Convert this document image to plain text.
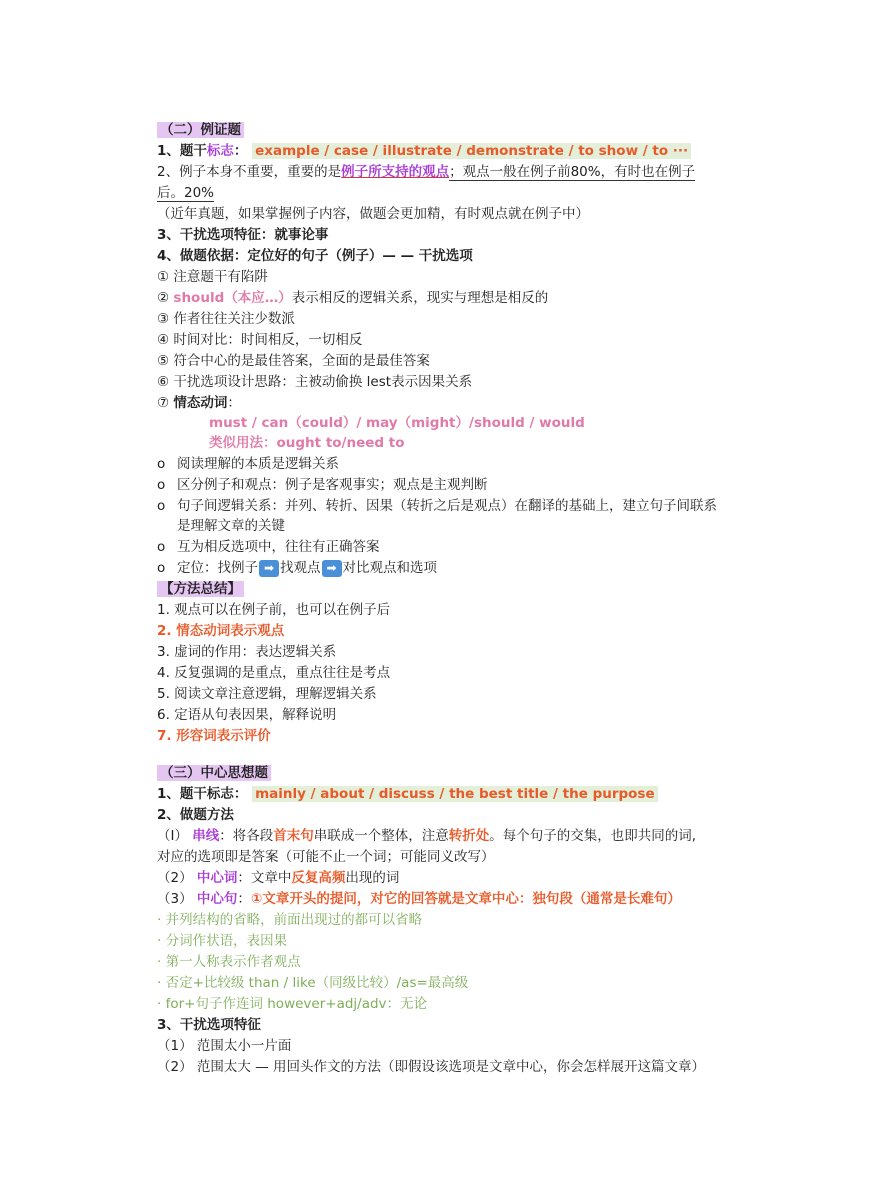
（二）例证题
1、题干标志： example / case / illustrate / demonstrate / to show / to ···
2、例子本身不重要，重要的是例子所支持的观点；观点一般在例子前80%，有时也在例子
后。20%
（近年真题，如果掌握例子内容，做题会更加精，有时观点就在例子中）
3、干扰选项特征：就事论事
4、做题依据：定位好的句子（例子）— — 干扰选项
① 注意题干有陷阱
② should（本应…）表示相反的逻辑关系，现实与理想是相反的
③ 作者往往关注少数派
④ 时间对比：时间相反，一切相反
⑤ 符合中心的是最佳答案，全面的是最佳答案
⑥ 干扰选项设计思路：主被动偷换 lest表示因果关系
⑦ 情态动词：
must / can（could）/ may（might）/should / would
类似用法：ought to/need to
o 阅读理解的本质是逻辑关系
o 区分例子和观点：例子是客观事实；观点是主观判断
o 句子间逻辑关系：并列、转折、因果（转折之后是观点）在翻译的基础上，建立句子间联系
是理解文章的关键
o 互为相反选项中，往往有正确答案
o 定位：找例子 ➡ 找观点 ➡ 对比观点和选项
【方法总结】
1. 观点可以在例子前，也可以在例子后
2. 情态动词表示观点
3. 虚词的作用：表达逻辑关系
4. 反复强调的是重点，重点往往是考点
5. 阅读文章注意逻辑，理解逻辑关系
6. 定语从句表因果，解释说明
7. 形容词表示评价
（三）中心思想题
1、题干标志： mainly / about / discuss / the best title / the purpose
2、做题方法
（I） 串线：将各段首末句串联成一个整体，注意转折处。每个句子的交集，也即共同的词,
对应的选项即是答案（可能不止一个词；可能同义改写）
（2） 中心词：文章中反复高频出现的词
（3） 中心句：①文章开头的提问，对它的回答就是文章中心：独句段（通常是长难句）
· 并列结构的省略，前面出现过的都可以省略
· 分词作状语，表因果
· 第一人称表示作者观点
· 否定+比较级 than / like（同级比较）/as=最高级
· for+句子作连词 however+adj/adv：无论
3、干扰选项特征
（1） 范围太小一片面
（2） 范围太大 — 用回头作文的方法（即假设该选项是文章中心，你会怎样展开这篇文章）
